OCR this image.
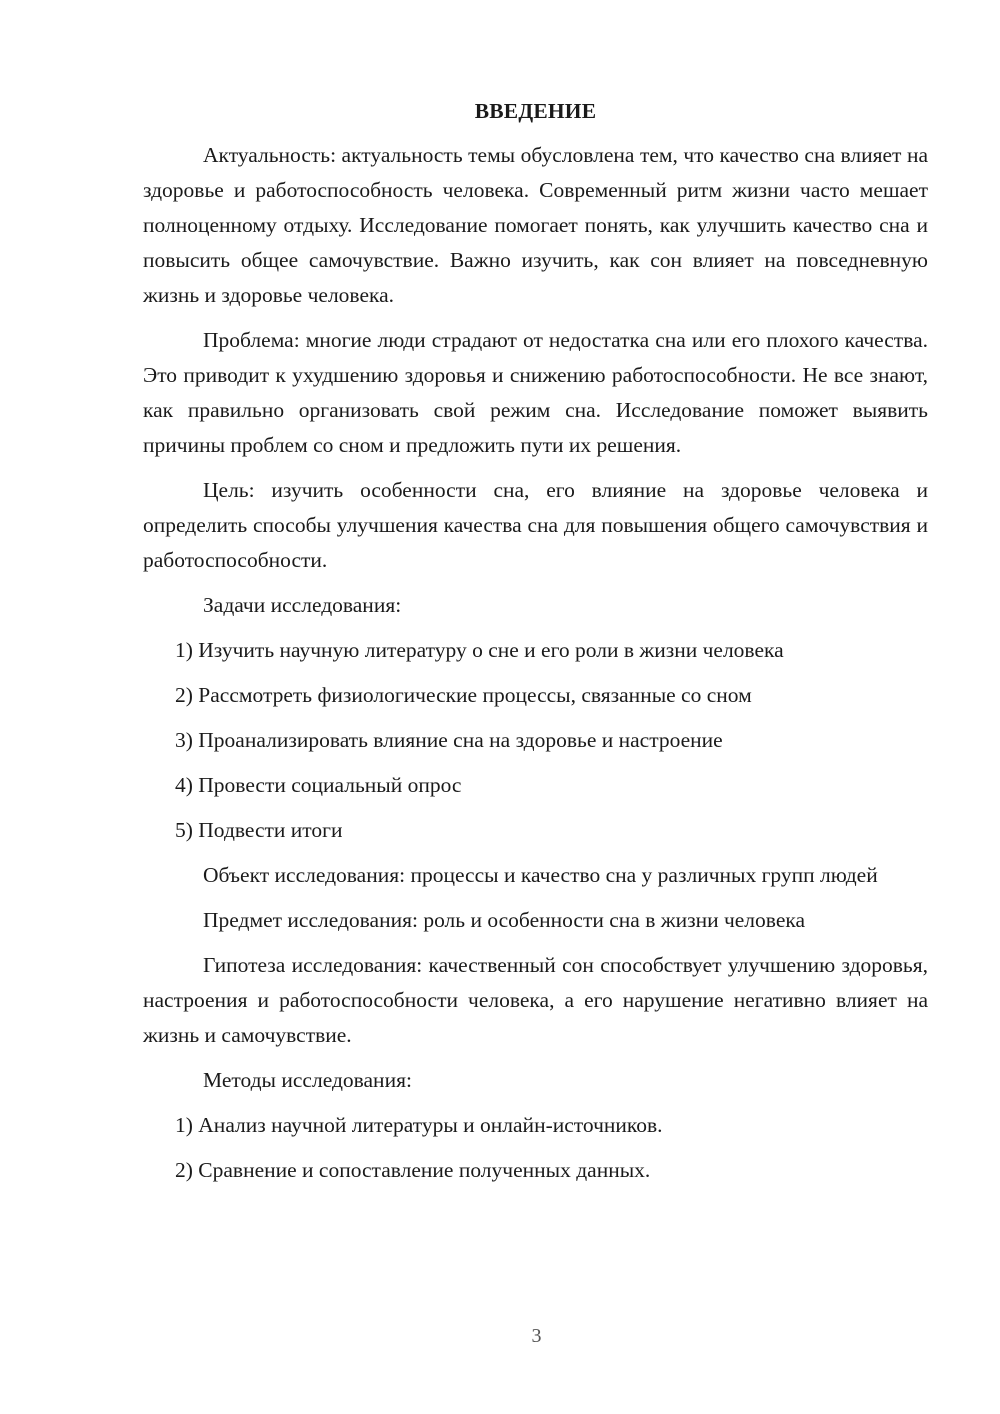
ВВЕДЕНИЕ

Актуальность: актуальность темы обусловлена тем, что качество сна влияет на здоровье и работоспособность человека. Современный ритм жизни часто мешает полноценному отдыху. Исследование помогает понять, как улучшить качество сна и повысить общее самочувствие. Важно изучить, как сон влияет на повседневную жизнь и здоровье человека.

Проблема: многие люди страдают от недостатка сна или его плохого качества. Это приводит к ухудшению здоровья и снижению работоспособности. Не все знают, как правильно организовать свой режим сна. Исследование поможет выявить причины проблем со сном и предложить пути их решения.

Цель: изучить особенности сна, его влияние на здоровье человека и определить способы улучшения качества сна для повышения общего самочувствия и работоспособности.

Задачи исследования:

1) Изучить научную литературу о сне и его роли в жизни человека

2) Рассмотреть физиологические процессы, связанные со сном

3) Проанализировать влияние сна на здоровье и настроение

4) Провести социальный опрос

5) Подвести итоги

Объект исследования: процессы и качество сна у различных групп людей

Предмет исследования: роль и особенности сна в жизни человека

Гипотеза исследования: качественный сон способствует улучшению здоровья, настроения и работоспособности человека, а его нарушение негативно влияет на жизнь и самочувствие.

Методы исследования:

1) Анализ научной литературы и онлайн-источников.

2) Сравнение и сопоставление полученных данных.

3
